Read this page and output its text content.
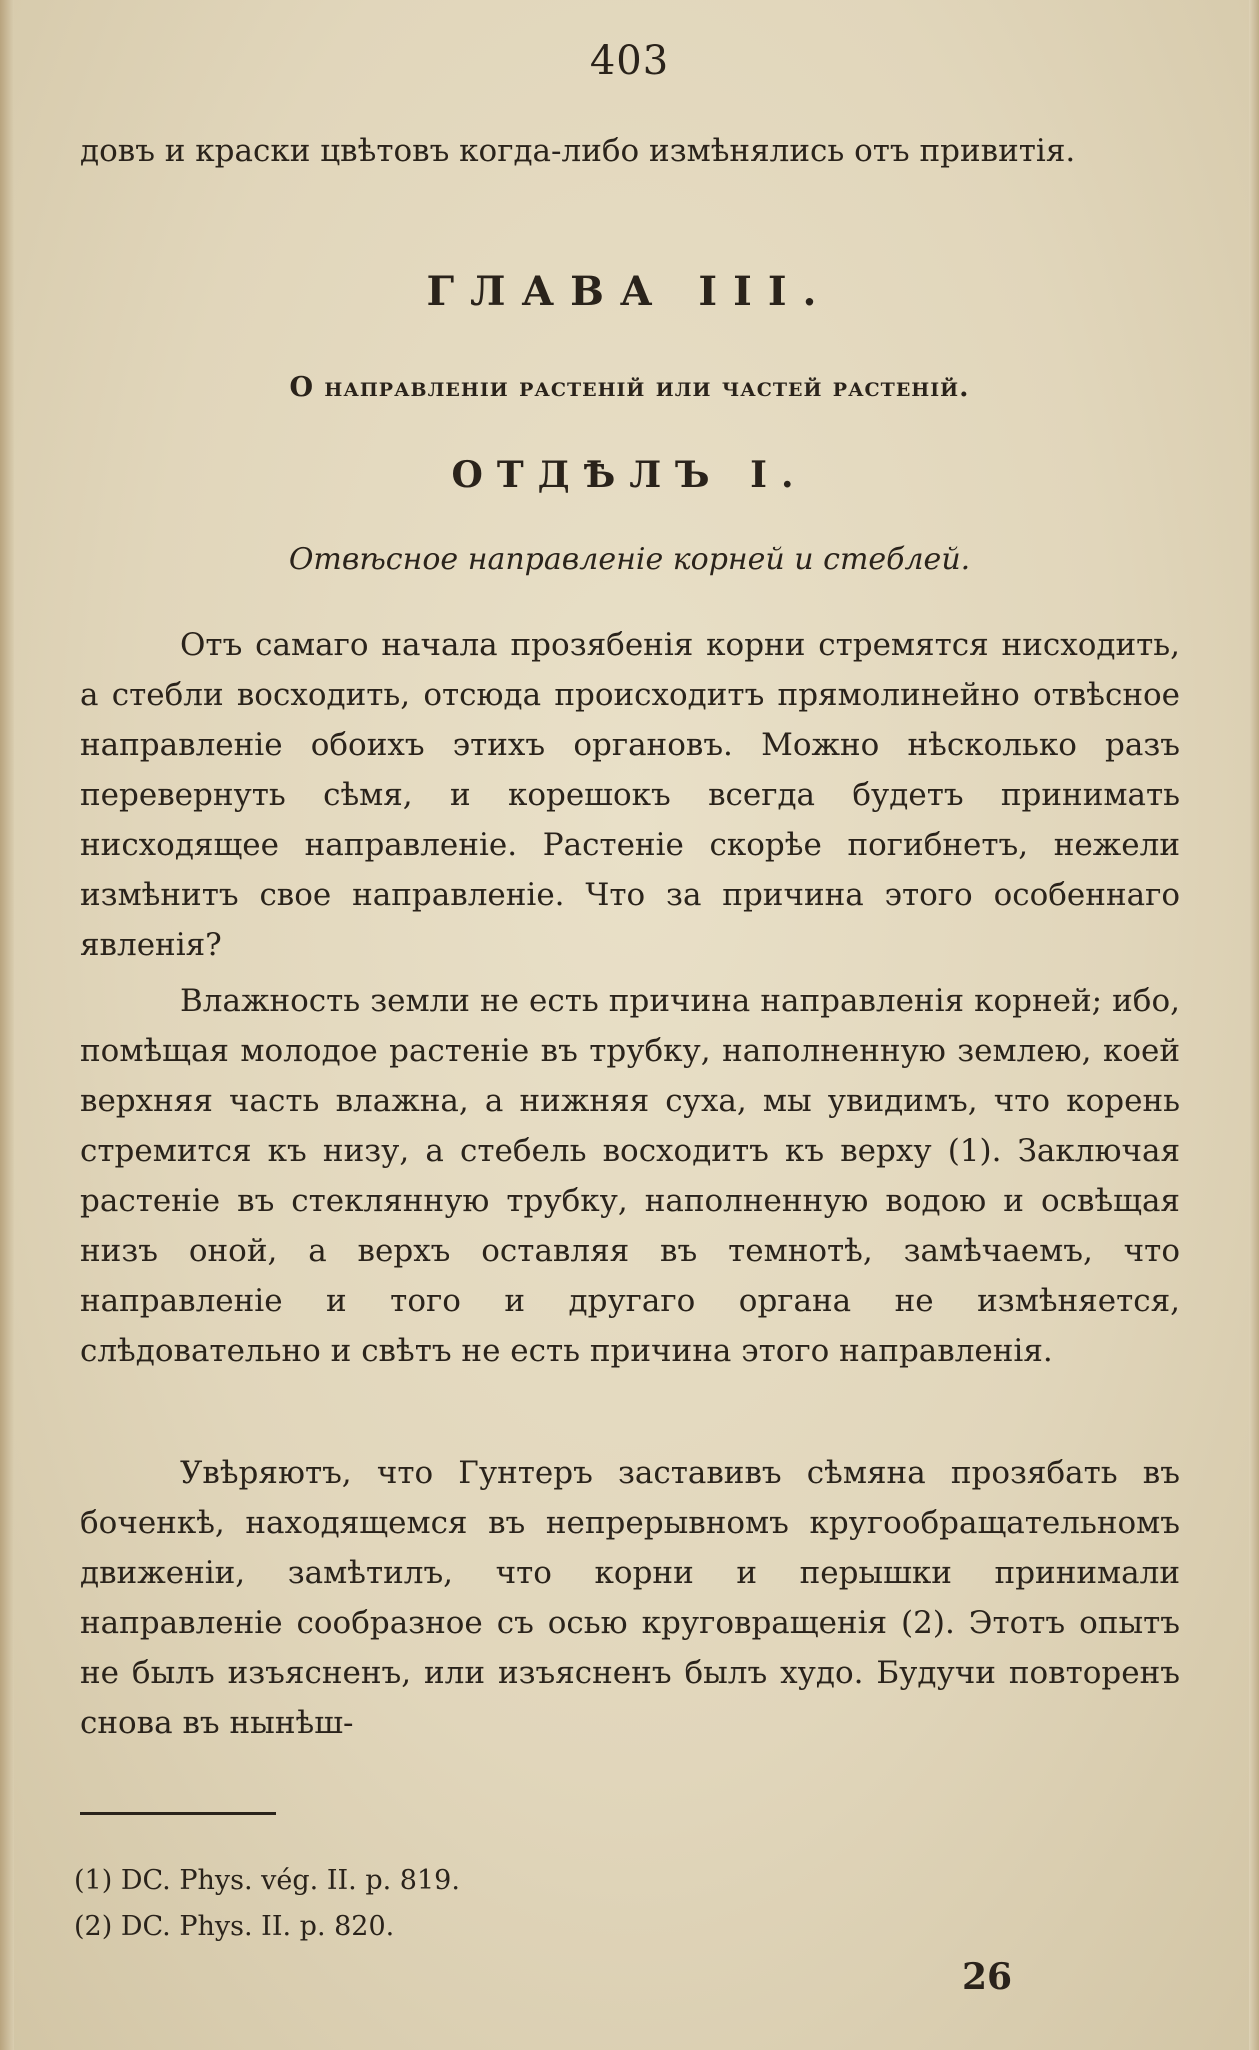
403

довъ и краски цвѣтовъ когда-либо измѣнялись отъ привитія.

ГЛАВА III.
О направленіи растеній или частей растеній.
ОТДѢЛЪ I.
Отвѣсное направленіе корней и стеблей.

Отъ самаго начала прозябенія корни стремятся нисходить, а стебли восходить, отсюда происходитъ прямолинейно отвѣсное направленіе обоихъ этихъ органовъ. Можно нѣсколько разъ перевернуть сѣмя, и корешокъ всегда будетъ принимать нисходящее направленіе. Растеніе скорѣе погибнетъ, нежели измѣнитъ свое направленіе. Что за причина этого особеннаго явленія?

Влажность земли не есть причина направленія корней; ибо, помѣщая молодое растеніе въ трубку, наполненную землею, коей верхняя часть влажна, а нижняя суха, мы увидимъ, что корень стремится къ низу, а стебель восходитъ къ верху (1). Заключая растеніе въ стеклянную трубку, наполненную водою и освѣщая низъ оной, а верхъ оставляя въ темнотѣ, замѣчаемъ, что направленіе и того и другаго органа не измѣняется, слѣдовательно и свѣтъ не есть причина этого направленія.

Увѣряютъ, что Гунтеръ заставивъ сѣмяна прозябать въ боченкѣ, находящемся въ непрерывномъ кругообращательномъ движеніи, замѣтилъ, что корни и перышки принимали направленіе сообразное съ осью круговращенія (2). Этотъ опытъ не былъ изъясненъ, или изъясненъ былъ худо. Будучи повторенъ снова въ нынѣш-

(1) DC. Phys. vég. II. p. 819.
(2) DC. Phys. II. p. 820.
26
